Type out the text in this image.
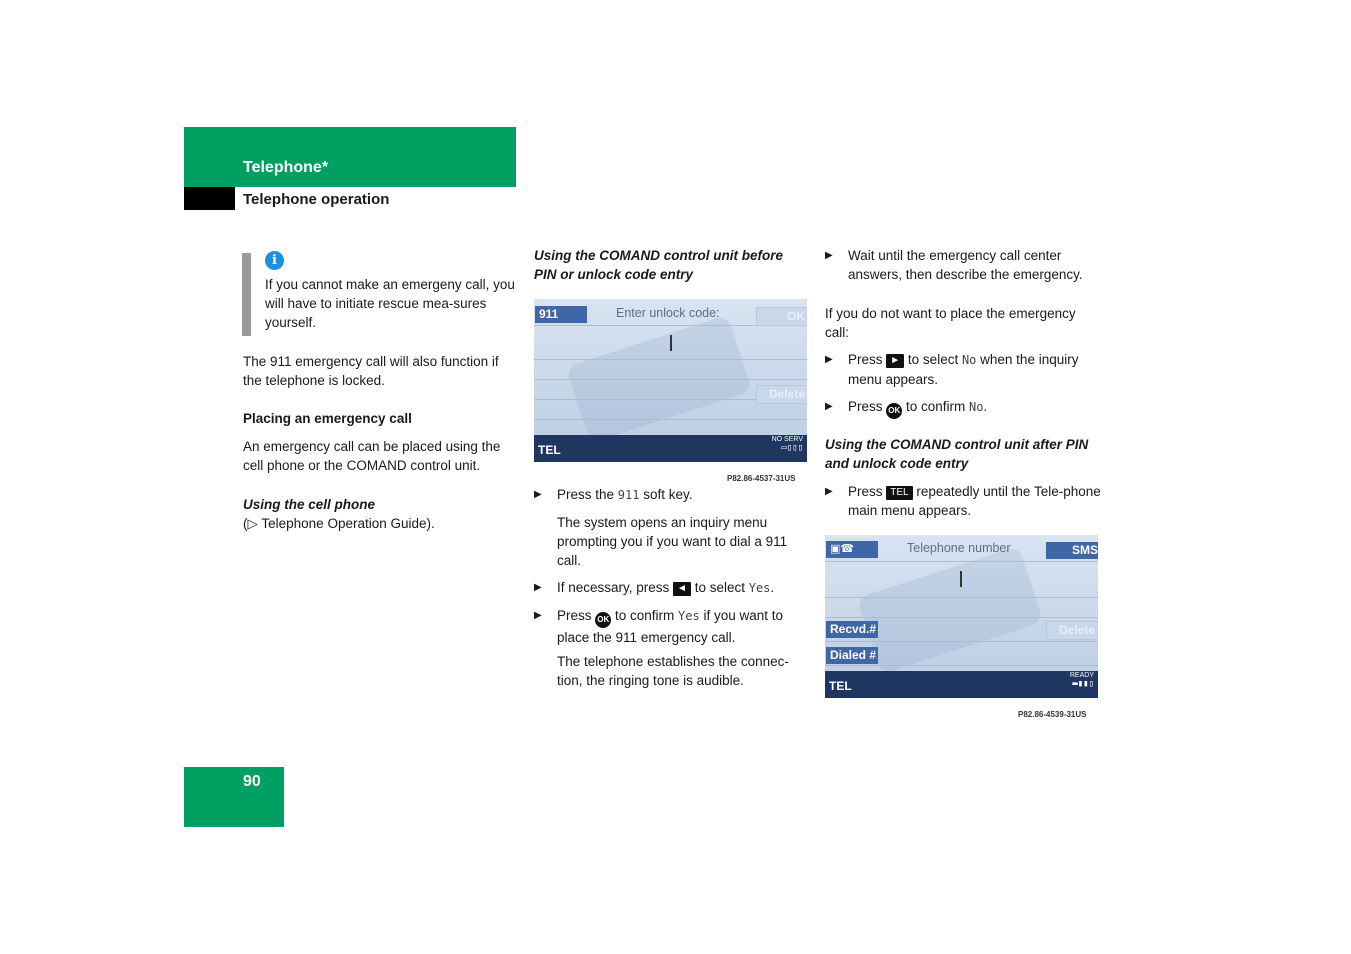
Telephone*
Telephone operation
i
If you cannot make an emergeny call, you will have to initiate rescue mea-sures yourself.
The 911 emergency call will also function if the telephone is locked.
Placing an emergency call
An emergency call can be placed using the cell phone or the COMAND control unit.
Using the cell phone
(▷ Telephone Operation Guide).
Using the COMAND control unit before PIN or unlock code entry
911	Enter unlock code:	OK
Delete
TEL
NO SERV
▭▯▯▯
P82.86-4537-31US
▶ Press the 911 soft key.
The system opens an inquiry menu prompting you if you want to dial a 911 call.
▶ If necessary, press ◄ to select Yes.
▶ Press OK to confirm Yes if you want to place the 911 emergency call.
The telephone establishes the connec-tion, the ringing tone is audible.
▶ Wait until the emergency call center answers, then describe the emergency.
If you do not want to place the emergency call:
▶ Press ► to select No when the inquiry menu appears.
▶ Press OK to confirm No.
Using the COMAND control unit after PIN and unlock code entry
▶ Press TEL repeatedly until the Tele-phone main menu appears.
▣☎	Telephone number	SMS
Recvd.#	Delete
Dialed #
TEL
READY
▬▮▮▯
P82.86-4539-31US
90
